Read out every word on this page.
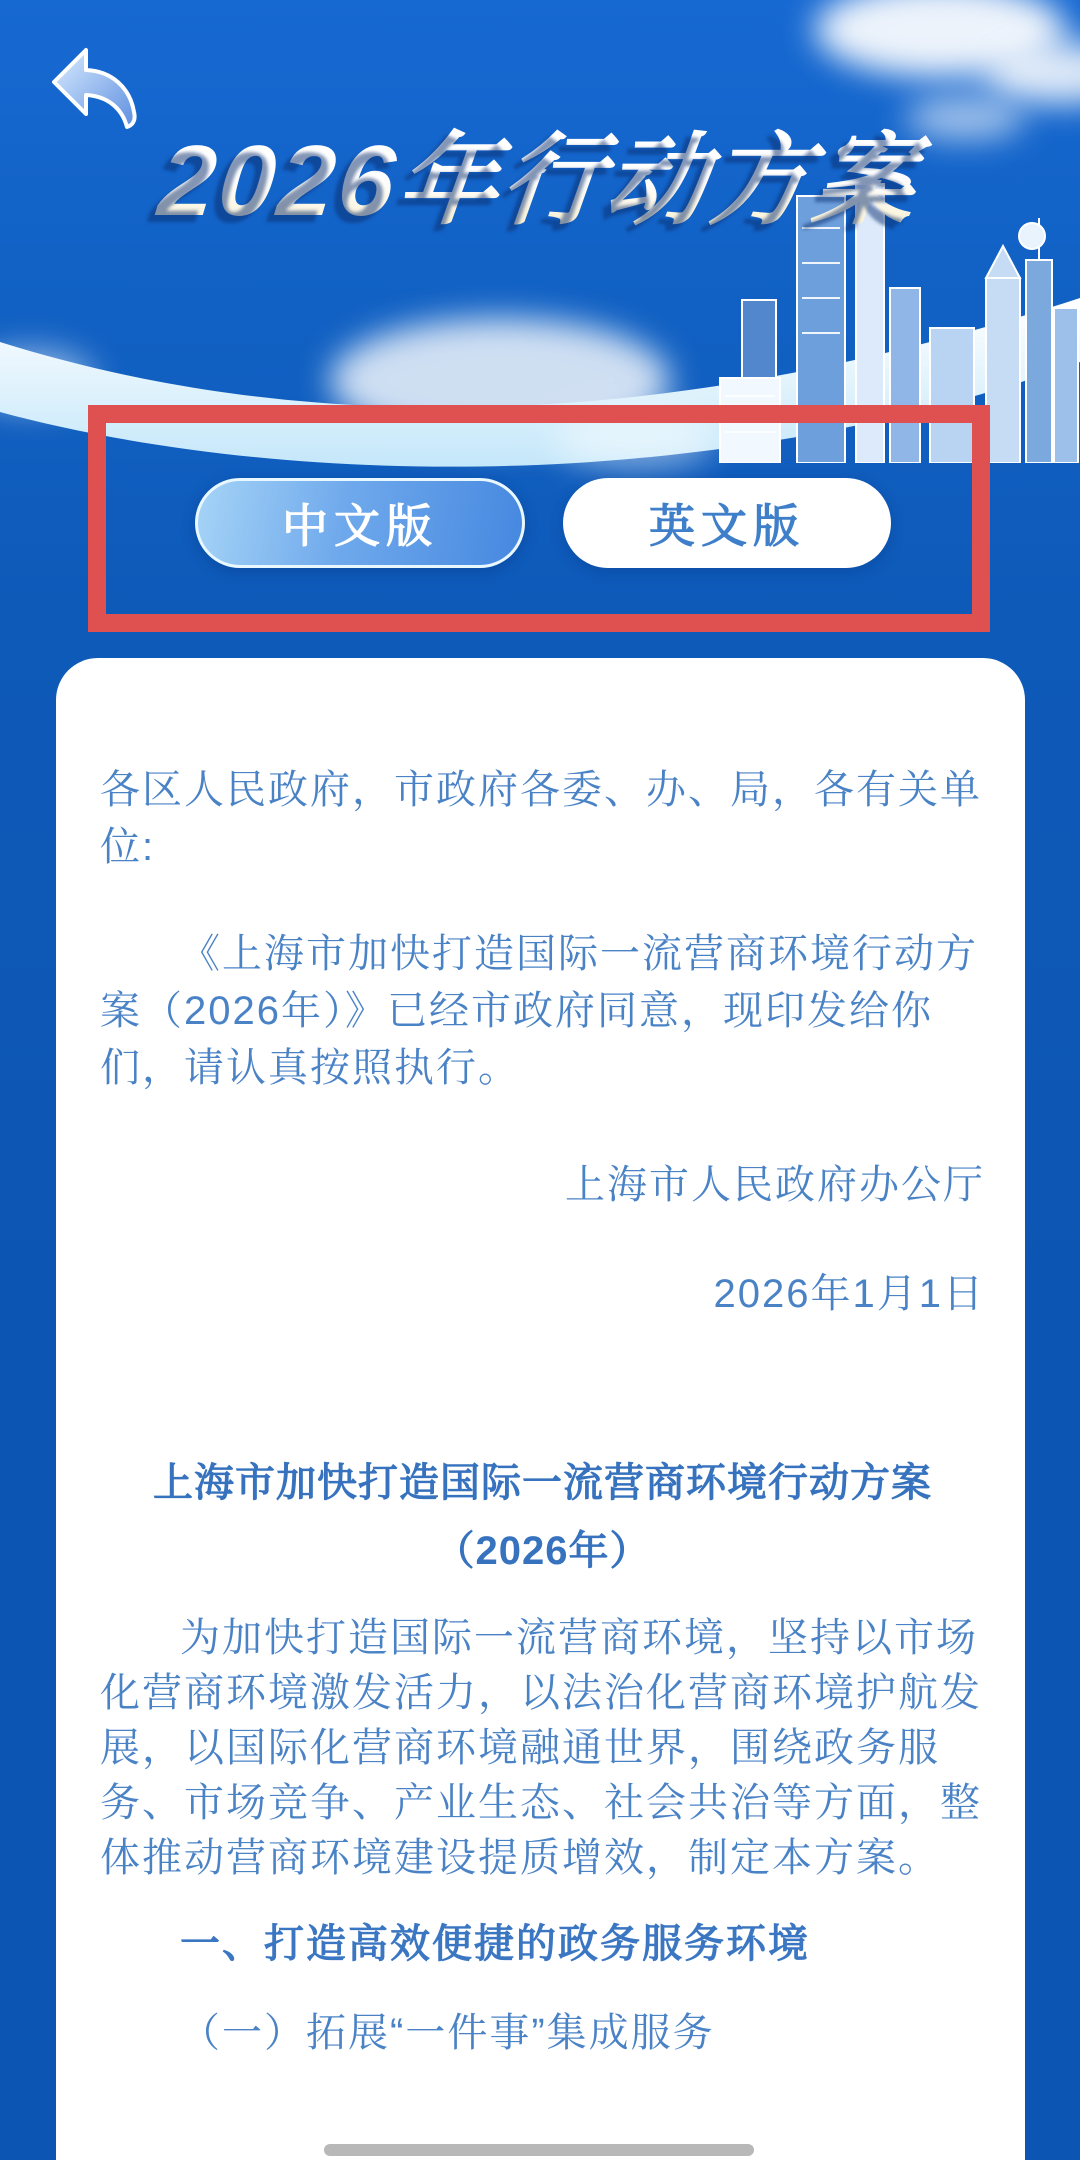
2026年行动方案
中文版	英文版
各区人民政府，市政府各委、办、局，各有关单
位:
《上海市加快打造国际一流营商环境行动方
案（2026年）》已经市政府同意，现印发给你
们，请认真按照执行。
上海市人民政府办公厅
2026年1月1日
上海市加快打造国际一流营商环境行动方案
（2026年）
为加快打造国际一流营商环境，坚持以市场
化营商环境激发活力，以法治化营商环境护航发
展，以国际化营商环境融通世界，围绕政务服
务、市场竞争、产业生态、社会共治等方面，整
体推动营商环境建设提质增效，制定本方案。
一、打造高效便捷的政务服务环境
（一）拓展“一件事”集成服务
